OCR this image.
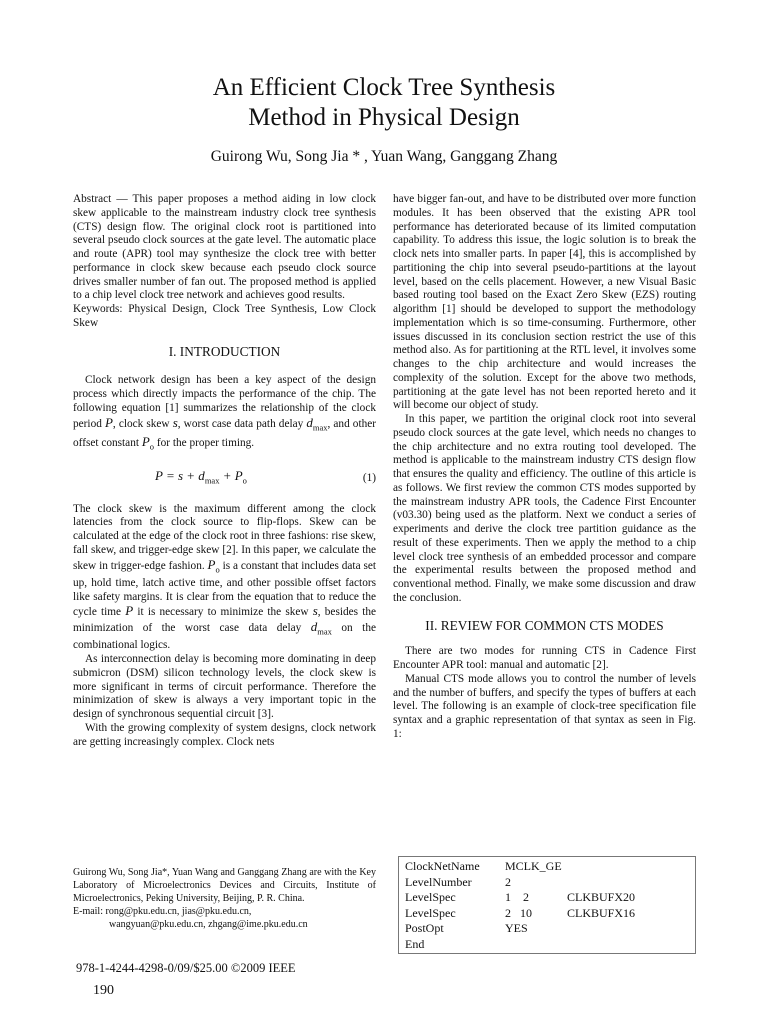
An Efficient Clock Tree Synthesis
Method in Physical Design
Guirong Wu, Song Jia * , Yuan Wang, Ganggang Zhang

Abstract — This paper proposes a method aiding in low clock skew applicable to the mainstream industry clock tree synthesis (CTS) design flow. The original clock root is partitioned into several pseudo clock sources at the gate level. The automatic place and route (APR) tool may synthesize the clock tree with better performance in clock skew because each pseudo clock source drives smaller number of fan out. The proposed method is applied to a chip level clock tree network and achieves good results.

Keywords: Physical Design, Clock Tree Synthesis, Low Clock Skew

I. INTRODUCTION

Clock network design has been a key aspect of the design process which directly impacts the performance of the chip. The following equation [1] summarizes the relationship of the clock period P, clock skew s, worst case data path delay $d_{max}$, and other offset constant $P_o$ for the proper timing.

$P = s + d_{max} + P_o$	(1)

The clock skew is the maximum different among the clock latencies from the clock source to flip-flops. Skew can be calculated at the edge of the clock root in three fashions: rise skew, fall skew, and trigger-edge skew [2]. In this paper, we calculate the skew in trigger-edge fashion. $P_o$ is a constant that includes data set up, hold time, latch active time, and other possible offset factors like safety margins. It is clear from the equation that to reduce the cycle time P it is necessary to minimize the skew s, besides the minimization of the worst case data delay $d_{max}$ on the combinational logics.

As interconnection delay is becoming more dominating in deep submicron (DSM) silicon technology levels, the clock skew is more significant in terms of circuit performance. Therefore the minimization of skew is always a very important topic in the design of synchronous sequential circuit [3].

With the growing complexity of system designs, clock network are getting increasingly complex. Clock nets

have bigger fan-out, and have to be distributed over more function modules. It has been observed that the existing APR tool performance has deteriorated because of its limited computation capability. To address this issue, the logic solution is to break the clock nets into smaller parts. In paper [4], this is accomplished by partitioning the chip into several pseudo-partitions at the layout level, based on the cells placement. However, a new Visual Basic based routing tool based on the Exact Zero Skew (EZS) routing algorithm [1] should be developed to support the methodology implementation which is so time-consuming. Furthermore, other issues discussed in its conclusion section restrict the use of this method also. As for partitioning at the RTL level, it involves some changes to the chip architecture and would increases the complexity of the solution. Except for the above two methods, partitioning at the gate level has not been reported hereto and it will become our object of study.

In this paper, we partition the original clock root into several pseudo clock sources at the gate level, which needs no changes to the chip architecture and no extra routing tool developed. The method is applicable to the mainstream industry CTS design flow that ensures the quality and efficiency. The outline of this article is as follows. We first review the common CTS modes supported by the mainstream industry APR tools, the Cadence First Encounter (v03.30) being used as the platform. Next we conduct a series of experiments and derive the clock tree partition guidance as the result of these experiments. Then we apply the method to a chip level clock tree synthesis of an embedded processor and compare the experimental results between the proposed method and conventional method. Finally, we make some discussion and draw the conclusion.

II. REVIEW FOR COMMON CTS MODES

There are two modes for running CTS in Cadence First Encounter APR tool: manual and automatic [2].

Manual CTS mode allows you to control the number of levels and the number of buffers, and specify the types of buffers at each level. The following is an example of clock-tree specification file syntax and a graphic representation of that syntax as seen in Fig. 1:

ClockNetName	MCLK_GE
LevelNumber	2
LevelSpec	1    2	CLKBUFX20
LevelSpec	2   10	CLKBUFX16
PostOpt	YES
End

Guirong Wu, Song Jia*, Yuan Wang and Ganggang Zhang are with the Key Laboratory of Microelectronics Devices and Circuits, Institute of Microelectronics, Peking University, Beijing, P. R. China.

E-mail: rong@pku.edu.cn, jias@pku.edu.cn,

wangyuan@pku.edu.cn, zhgang@ime.pku.edu.cn

978-1-4244-4298-0/09/$25.00 ©2009 IEEE
190
